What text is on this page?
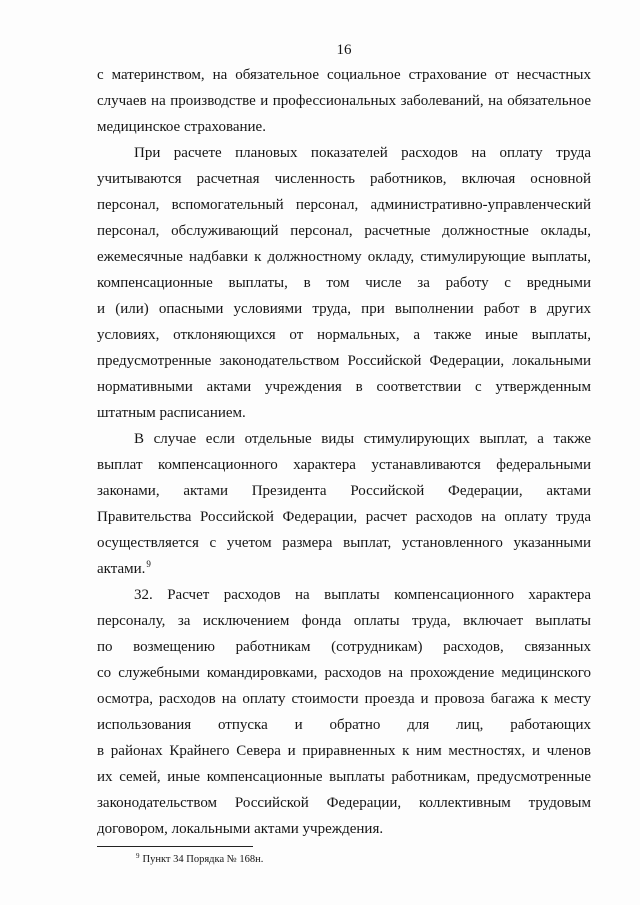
16
с материнством, на обязательное социальное страхование от несчастных
случаев на производстве и профессиональных заболеваний, на обязательное
медицинское страхование.
При расчете плановых показателей расходов на оплату труда
учитываются расчетная численность работников, включая основной
персонал, вспомогательный персонал, административно-управленческий
персонал, обслуживающий персонал, расчетные должностные оклады,
ежемесячные надбавки к должностному окладу, стимулирующие выплаты,
компенсационные выплаты, в том числе за работу с вредными
и (или) опасными условиями труда, при выполнении работ в других
условиях, отклоняющихся от нормальных, а также иные выплаты,
предусмотренные законодательством Российской Федерации, локальными
нормативными актами учреждения в соответствии с утвержденным
штатным расписанием.
В случае если отдельные виды стимулирующих выплат, а также
выплат компенсационного характера устанавливаются федеральными
законами, актами Президента Российской Федерации, актами
Правительства Российской Федерации, расчет расходов на оплату труда
осуществляется с учетом размера выплат, установленного указанными
актами.$^9$
32. Расчет расходов на выплаты компенсационного характера
персоналу, за исключением фонда оплаты труда, включает выплаты
по возмещению работникам (сотрудникам) расходов, связанных
со служебными командировками, расходов на прохождение медицинского
осмотра, расходов на оплату стоимости проезда и провоза багажа к месту
использования отпуска и обратно для лиц, работающих
в районах Крайнего Севера и приравненных к ним местностях, и членов
их семей, иные компенсационные выплаты работникам, предусмотренные
законодательством Российской Федерации, коллективным трудовым
договором, локальными актами учреждения.
$^9$ Пункт 34 Порядка № 168н.
